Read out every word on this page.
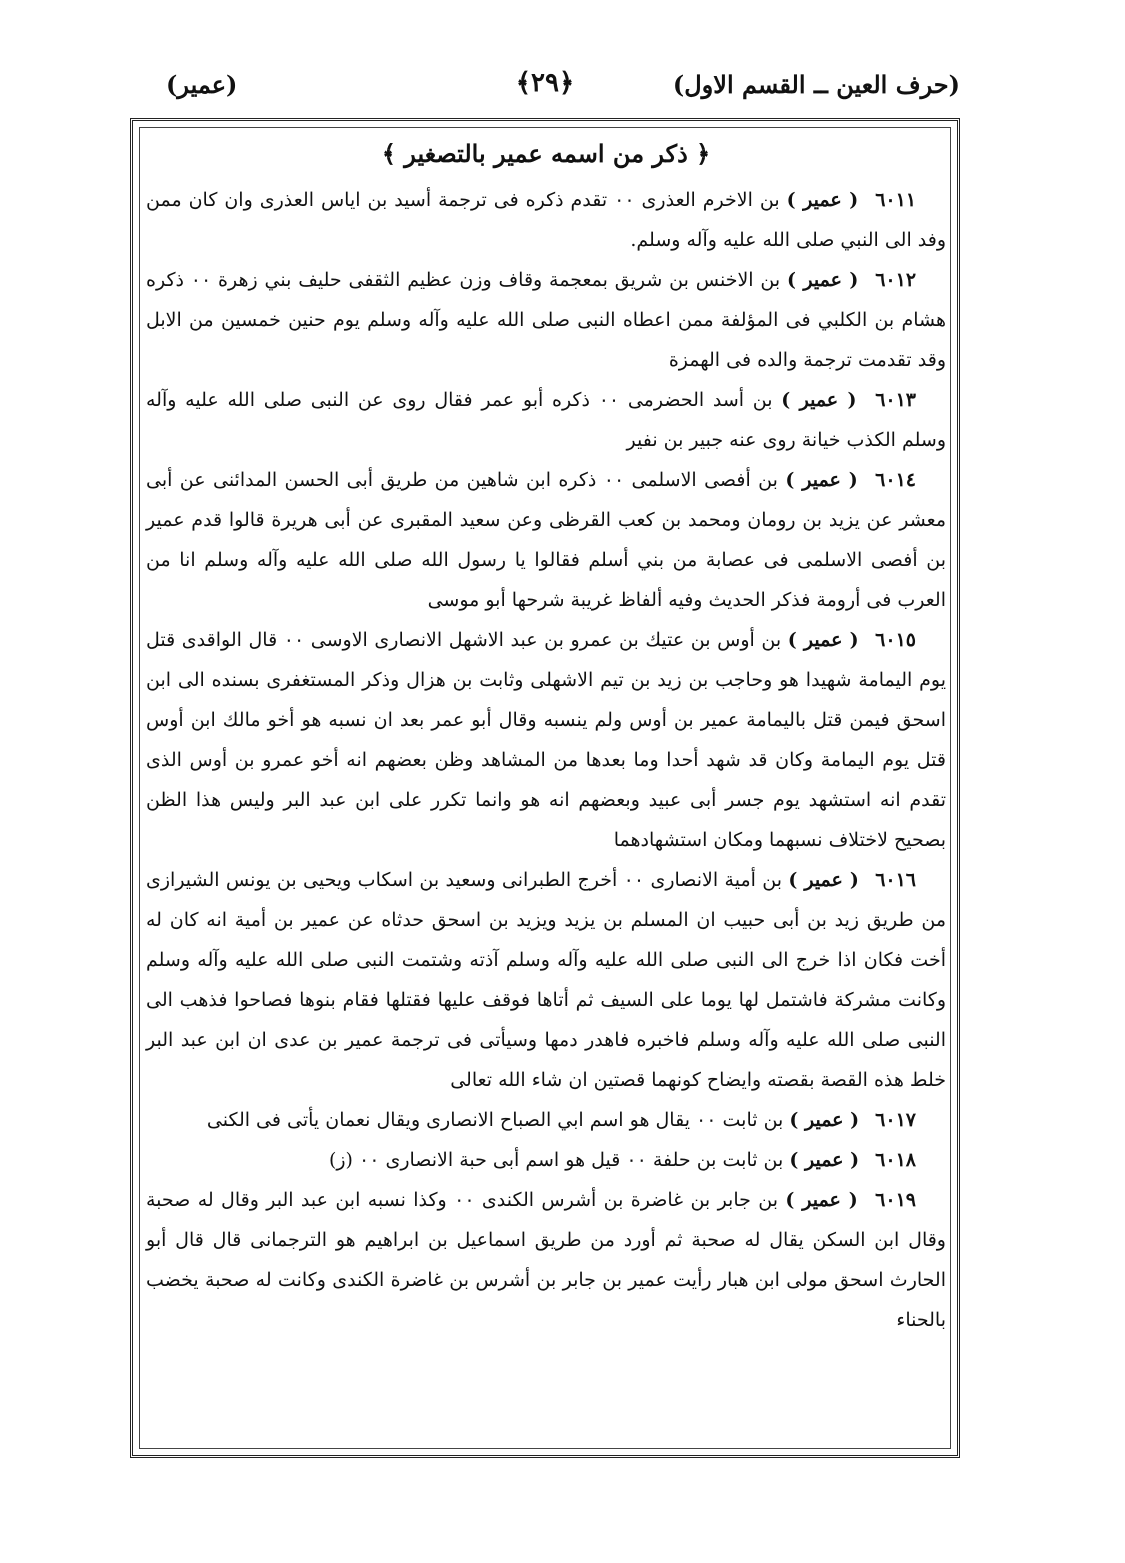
(حرف العين ــ القسم الاول)
﴿٢٩﴾
(عمير)
﴿ ذكر من اسمه عمير بالتصغير ﴾

٦٠١١ ( عمير ) بن الاخرم العذرى ٠٠ تقدم ذكره فى ترجمة أسيد بن اياس العذرى وان كان ممن وفد الى النبي صلى الله عليه وآله وسلم.

٦٠١٢ ( عمير ) بن الاخنس بن شريق بمعجمة وقاف وزن عظيم الثقفى حليف بني زهرة ٠٠ ذكره هشام بن الكلبي فى المؤلفة ممن اعطاه النبى صلى الله عليه وآله وسلم يوم حنين خمسين من الابل وقد تقدمت ترجمة والده فى الهمزة

٦٠١٣ ( عمير ) بن أسد الحضرمى ٠٠ ذكره أبو عمر فقال روى عن النبى صلى الله عليه وآله وسلم الكذب خيانة روى عنه جبير بن نفير

٦٠١٤ ( عمير ) بن أفصى الاسلمى ٠٠ ذكره ابن شاهين من طريق أبى الحسن المدائنى عن أبى معشر عن يزيد بن رومان ومحمد بن كعب القرظى وعن سعيد المقبرى عن أبى هريرة قالوا قدم عمير بن أفصى الاسلمى فى عصابة من بني أسلم فقالوا يا رسول الله صلى الله عليه وآله وسلم انا من العرب فى أرومة فذكر الحديث وفيه ألفاظ غريبة شرحها أبو موسى

٦٠١٥ ( عمير ) بن أوس بن عتيك بن عمرو بن عبد الاشهل الانصارى الاوسى ٠٠ قال الواقدى قتل يوم اليمامة شهيدا هو وحاجب بن زيد بن تيم الاشهلى وثابت بن هزال وذكر المستغفرى بسنده الى ابن اسحق فيمن قتل باليمامة عمير بن أوس ولم ينسبه وقال أبو عمر بعد ان نسبه هو أخو مالك ابن أوس قتل يوم اليمامة وكان قد شهد أحدا وما بعدها من المشاهد وظن بعضهم انه أخو عمرو بن أوس الذى تقدم انه استشهد يوم جسر أبى عبيد وبعضهم انه هو وانما تكرر على ابن عبد البر وليس هذا الظن بصحيح لاختلاف نسبهما ومكان استشهادهما

٦٠١٦ ( عمير ) بن أمية الانصارى ٠٠ أخرج الطبرانى وسعيد بن اسكاب ويحيى بن يونس الشيرازى من طريق زيد بن أبى حبيب ان المسلم بن يزيد ويزيد بن اسحق حدثاه عن عمير بن أمية انه كان له أخت فكان اذا خرج الى النبى صلى الله عليه وآله وسلم آذته وشتمت النبى صلى الله عليه وآله وسلم وكانت مشركة فاشتمل لها يوما على السيف ثم أتاها فوقف عليها فقتلها فقام بنوها فصاحوا فذهب الى النبى صلى الله عليه وآله وسلم فاخبره فاهدر دمها وسيأتى فى ترجمة عمير بن عدى ان ابن عبد البر خلط هذه القصة بقصته وايضاح كونهما قصتين ان شاء الله تعالى

٦٠١٧ ( عمير ) بن ثابت ٠٠ يقال هو اسم ابي الصباح الانصارى ويقال نعمان يأتى فى الكنى

٦٠١٨ ( عمير ) بن ثابت بن حلفة ٠٠ قيل هو اسم أبى حبة الانصارى ٠٠ (ز)

٦٠١٩ ( عمير ) بن جابر بن غاضرة بن أشرس الكندى ٠٠ وكذا نسبه ابن عبد البر وقال له صحبة وقال ابن السكن يقال له صحبة ثم أورد من طريق اسماعيل بن ابراهيم هو الترجمانى قال قال أبو الحارث اسحق مولى ابن هبار رأيت عمير بن جابر بن أشرس بن غاضرة الكندى وكانت له صحبة يخضب بالحناء
